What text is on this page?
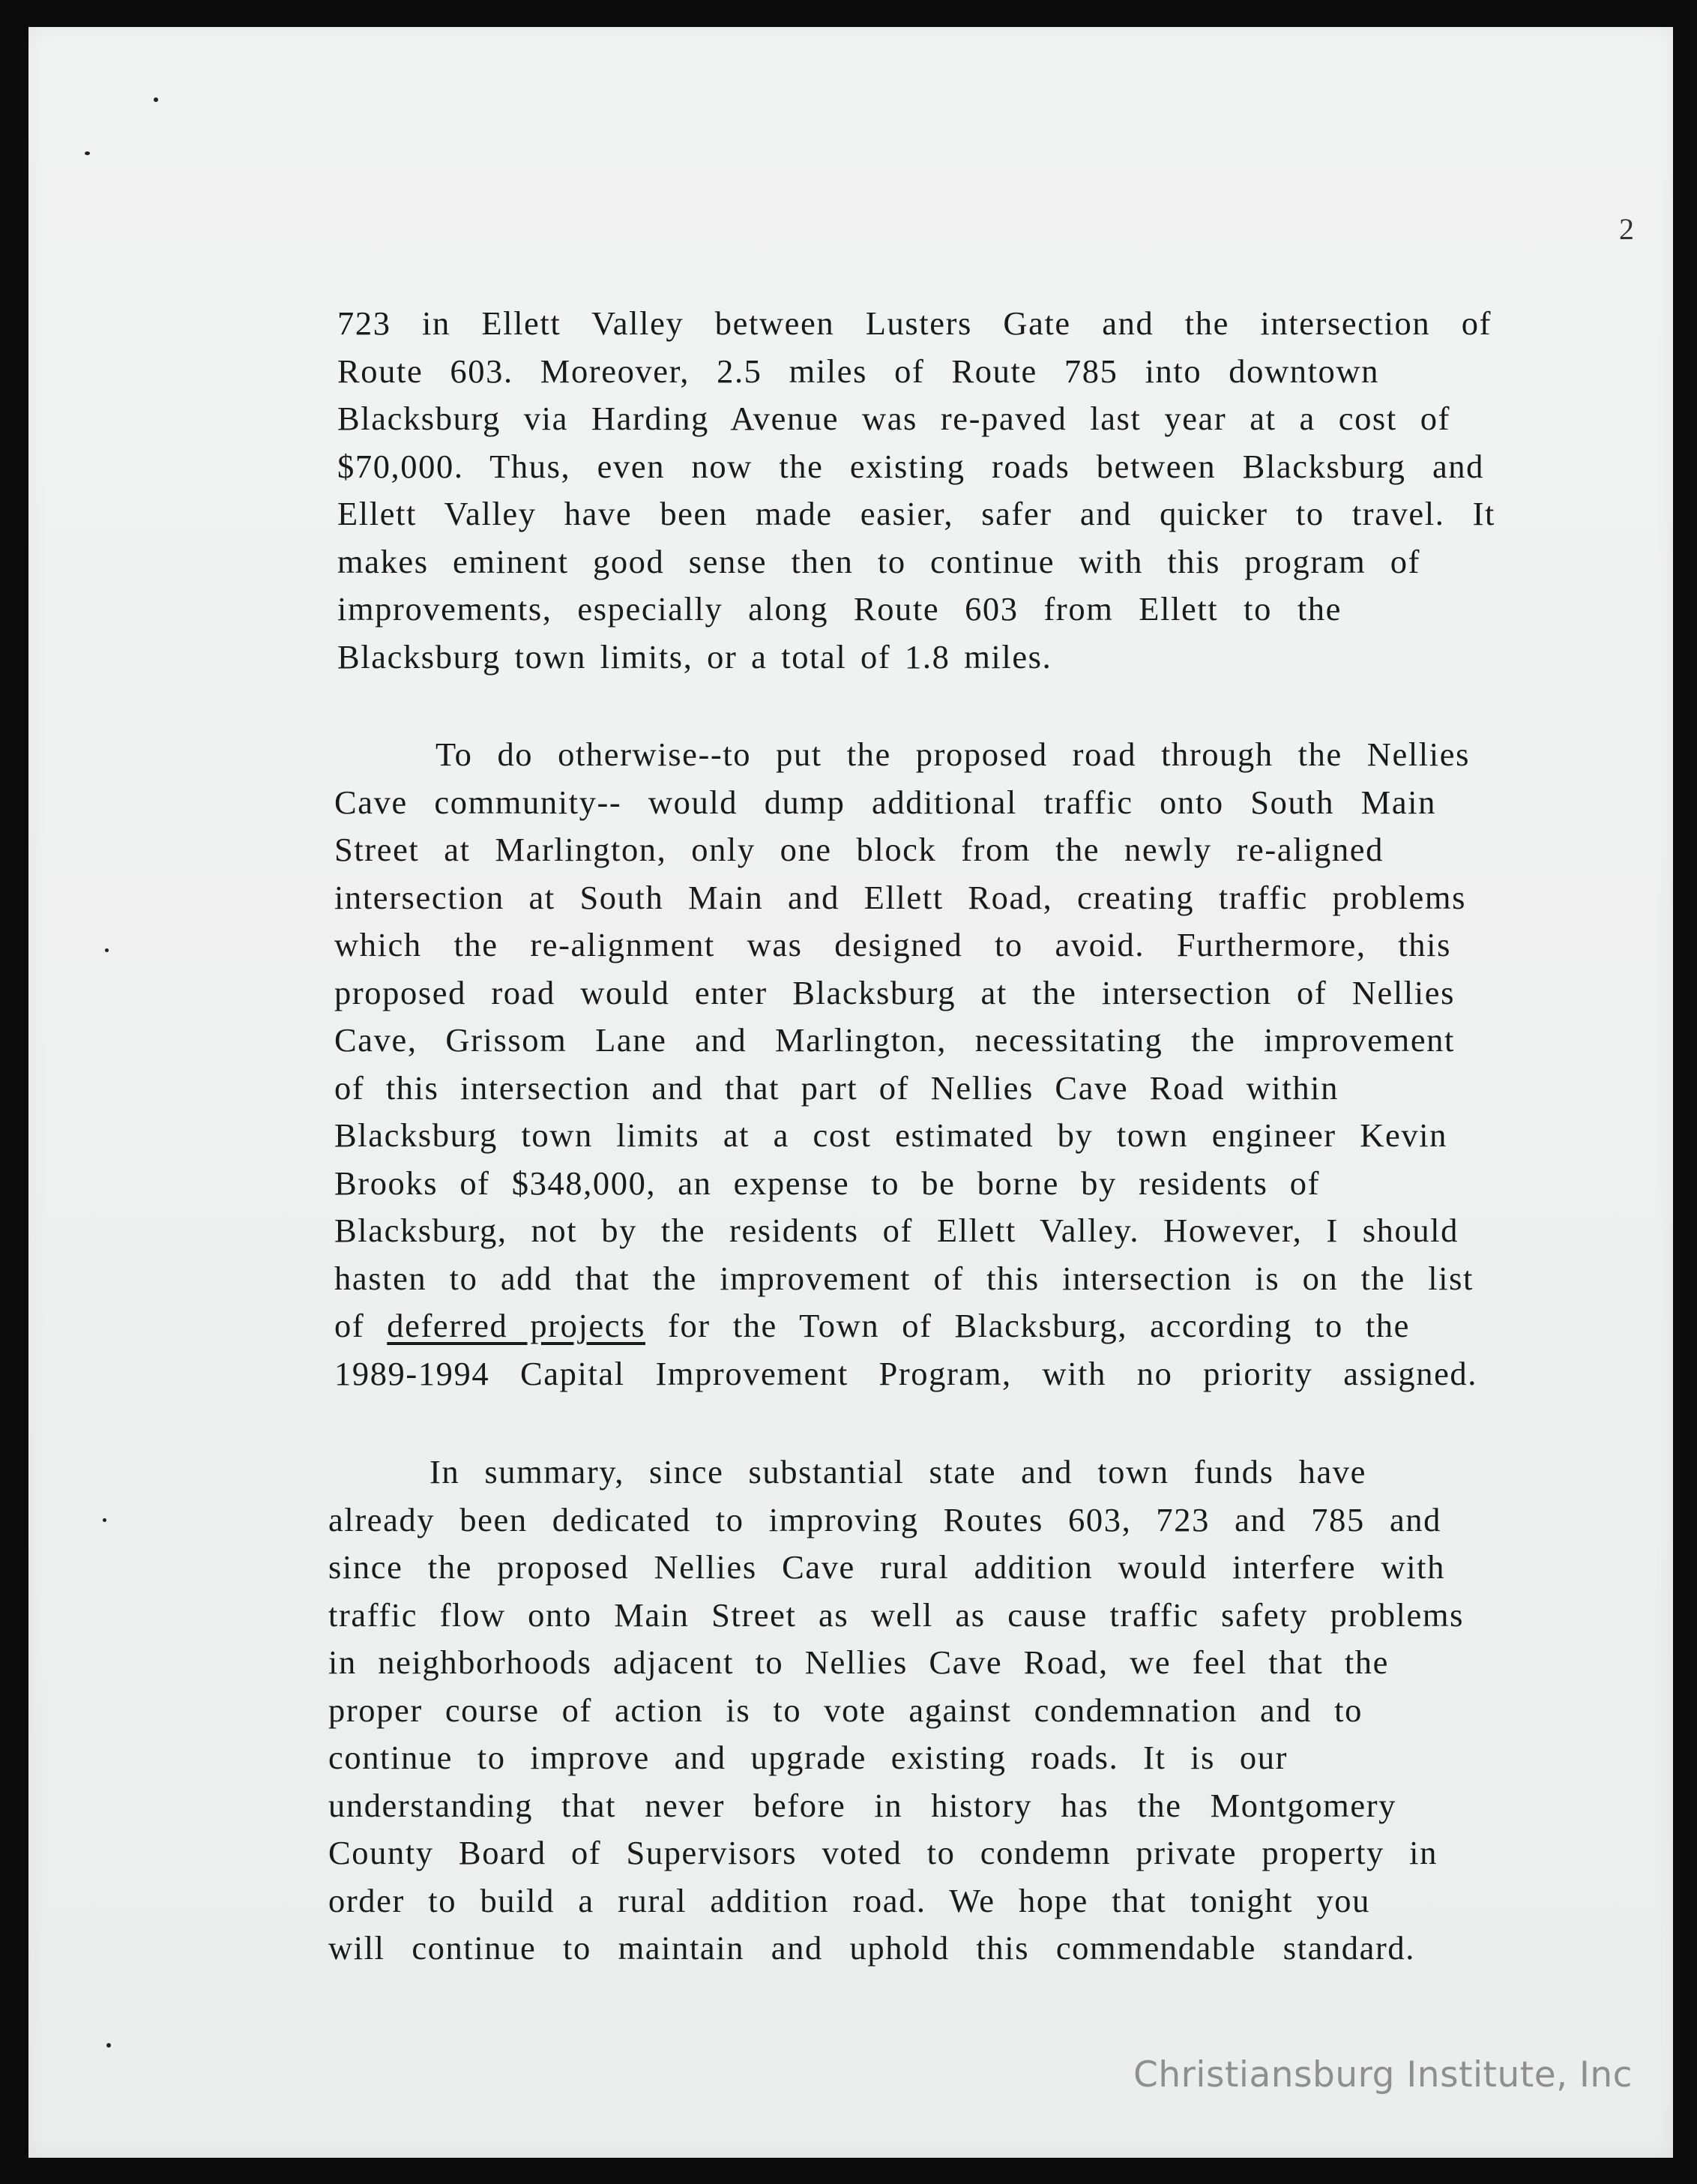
2
723 in Ellett Valley between Lusters Gate and the intersection of
Route 603. Moreover, 2.5 miles of Route 785 into downtown
Blacksburg via Harding Avenue was re-paved last year at a cost of
$70,000. Thus, even now the existing roads between Blacksburg and
Ellett Valley have been made easier, safer and quicker to travel. It
makes eminent good sense then to continue with this program of
improvements, especially along Route 603 from Ellett to the
Blacksburg town limits, or a total of 1.8 miles.
To do otherwise--to put the proposed road through the Nellies
Cave community-- would dump additional traffic onto South Main
Street at Marlington, only one block from the newly re-aligned
intersection at South Main and Ellett Road, creating traffic problems
which the re-alignment was designed to avoid. Furthermore, this
proposed road would enter Blacksburg at the intersection of Nellies
Cave, Grissom Lane and Marlington, necessitating the improvement
of this intersection and that part of Nellies Cave Road within
Blacksburg town limits at a cost estimated by town engineer Kevin
Brooks of $348,000, an expense to be borne by residents of
Blacksburg, not by the residents of Ellett Valley. However, I should
hasten to add that the improvement of this intersection is on the list
of deferred projects for the Town of Blacksburg, according to the
1989-1994 Capital Improvement Program, with no priority assigned.
In summary, since substantial state and town funds have
already been dedicated to improving Routes 603, 723 and 785 and
since the proposed Nellies Cave rural addition would interfere with
traffic flow onto Main Street as well as cause traffic safety problems
in neighborhoods adjacent to Nellies Cave Road, we feel that the
proper course of action is to vote against condemnation and to
continue to improve and upgrade existing roads. It is our
understanding that never before in history has the Montgomery
County Board of Supervisors voted to condemn private property in
order to build a rural addition road. We hope that tonight you
will continue to maintain and uphold this commendable standard.
Christiansburg Institute, Inc
